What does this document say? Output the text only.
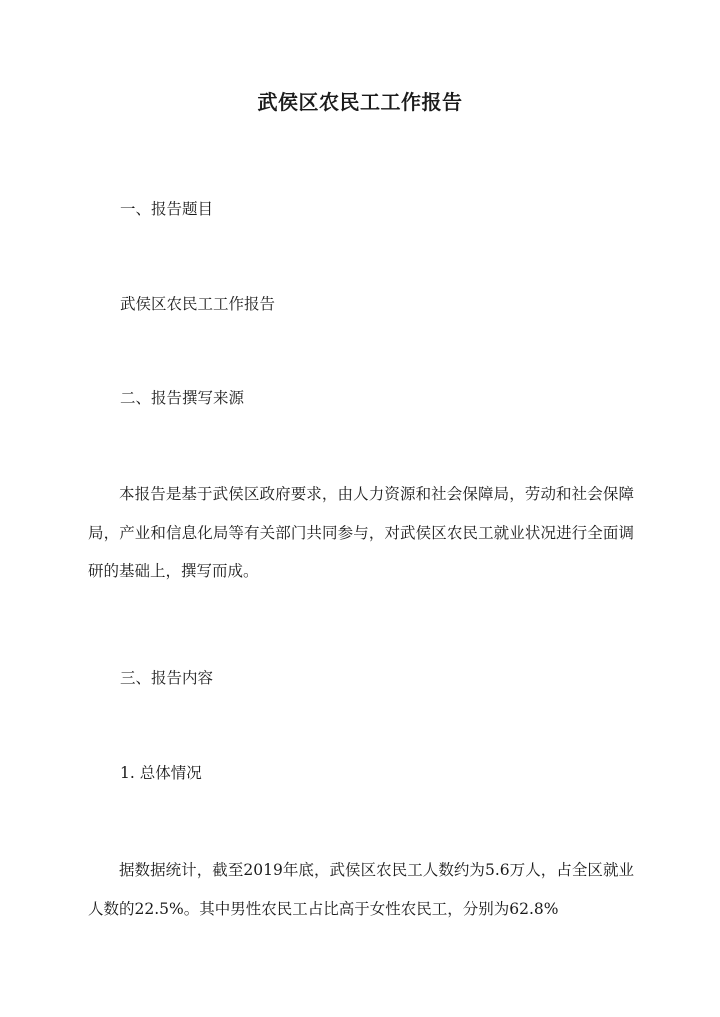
武侯区农民工工作报告
一、报告题目
武侯区农民工工作报告
二、报告撰写来源
本报告是基于武侯区政府要求，由人力资源和社会保障局，劳动和社会保障局，产业和信息化局等有关部门共同参与，对武侯区农民工就业状况进行全面调研的基础上，撰写而成。
三、报告内容
1. 总体情况
据数据统计，截至2019年底，武侯区农民工人数约为5.6万人，占全区就业人数的22.5%。其中男性农民工占比高于女性农民工，分别为62.8%
